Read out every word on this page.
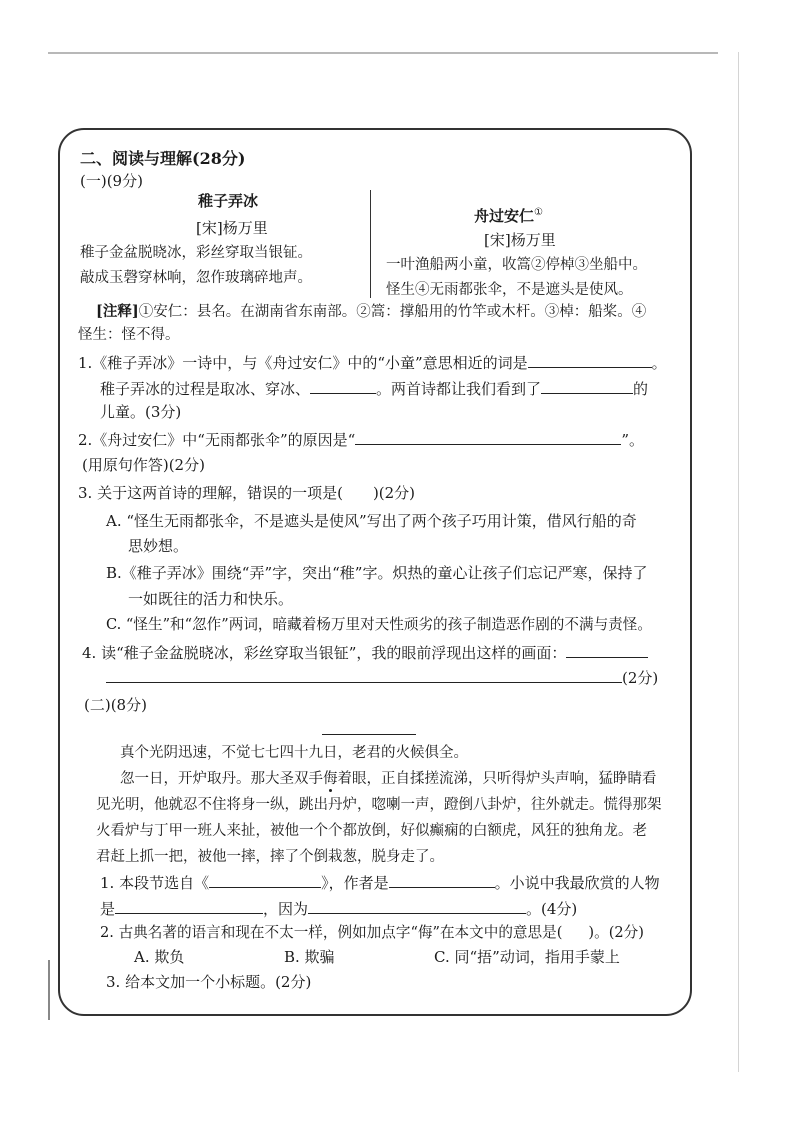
二、阅读与理解(28分)
(一)(9分)
稚子弄冰
[宋]杨万里
稚子金盆脱晓冰，彩丝穿取当银钲。
敲成玉磬穿林响，忽作玻璃碎地声。
舟过安仁①
[宋]杨万里
一叶渔船两小童，收篙②停棹③坐船中。
怪生④无雨都张伞，不是遮头是使风。
[注释]①安仁：县名。在湖南省东南部。②篙：撑船用的竹竿或木杆。③棹：船桨。④
怪生：怪不得。
1.《稚子弄冰》一诗中，与《舟过安仁》中的“小童”意思相近的词是	。
稚子弄冰的过程是取冰、穿冰、	。两首诗都让我们看到了	的
儿童。(3分)
2.《舟过安仁》中“无雨都张伞”的原因是“	”。
(用原句作答)(2分)
3. 关于这两首诗的理解，错误的一项是( )(2分)
A. “怪生无雨都张伞，不是遮头是使风”写出了两个孩子巧用计策，借风行船的奇
思妙想。
B.《稚子弄冰》围绕“弄”字，突出“稚”字。炽热的童心让孩子们忘记严寒，保持了
一如既往的活力和快乐。
C. “怪生”和“忽作”两词，暗藏着杨万里对天性顽劣的孩子制造恶作剧的不满与责怪。
4. 读“稚子金盆脱晓冰，彩丝穿取当银钲”，我的眼前浮现出这样的画面：
(2分)
(二)(8分)
真个光阴迅速，不觉七七四十九日，老君的火候俱全。
忽一日，开炉取丹。那大圣双手侮着眼，正自揉搓流涕，只听得炉头声响，猛睁睛看
见光明，他就忍不住将身一纵，跳出丹炉，唿喇一声，蹬倒八卦炉，往外就走。慌得那架
火看炉与丁甲一班人来扯，被他一个个都放倒，好似癫痫的白额虎，风狂的独角龙。老
君赶上抓一把，被他一摔，摔了个倒栽葱，脱身走了。
1. 本段节选自《	》，作者是	。小说中我最欣赏的人物
是	，因为	。(4分)
2. 古典名著的语言和现在不太一样，例如加点字“侮”在本文中的意思是( )。(2分)
A. 欺负	B. 欺骗	C. 同“捂”动词，指用手蒙上
3. 给本文加一个小标题。(2分)
